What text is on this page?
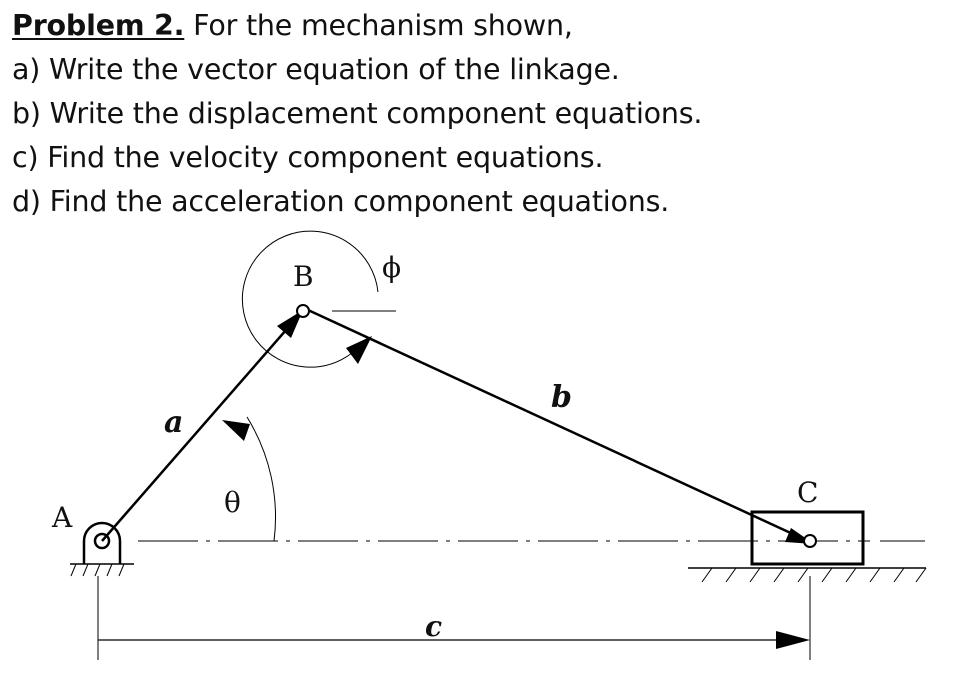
Problem 2. For the mechanism shown,
a) Write the vector equation of the linkage.
b) Write the displacement component equations.
c) Find the velocity component equations.
d) Find the acceleration component equations.
A
B
C
ϕ
θ
a
b
c
